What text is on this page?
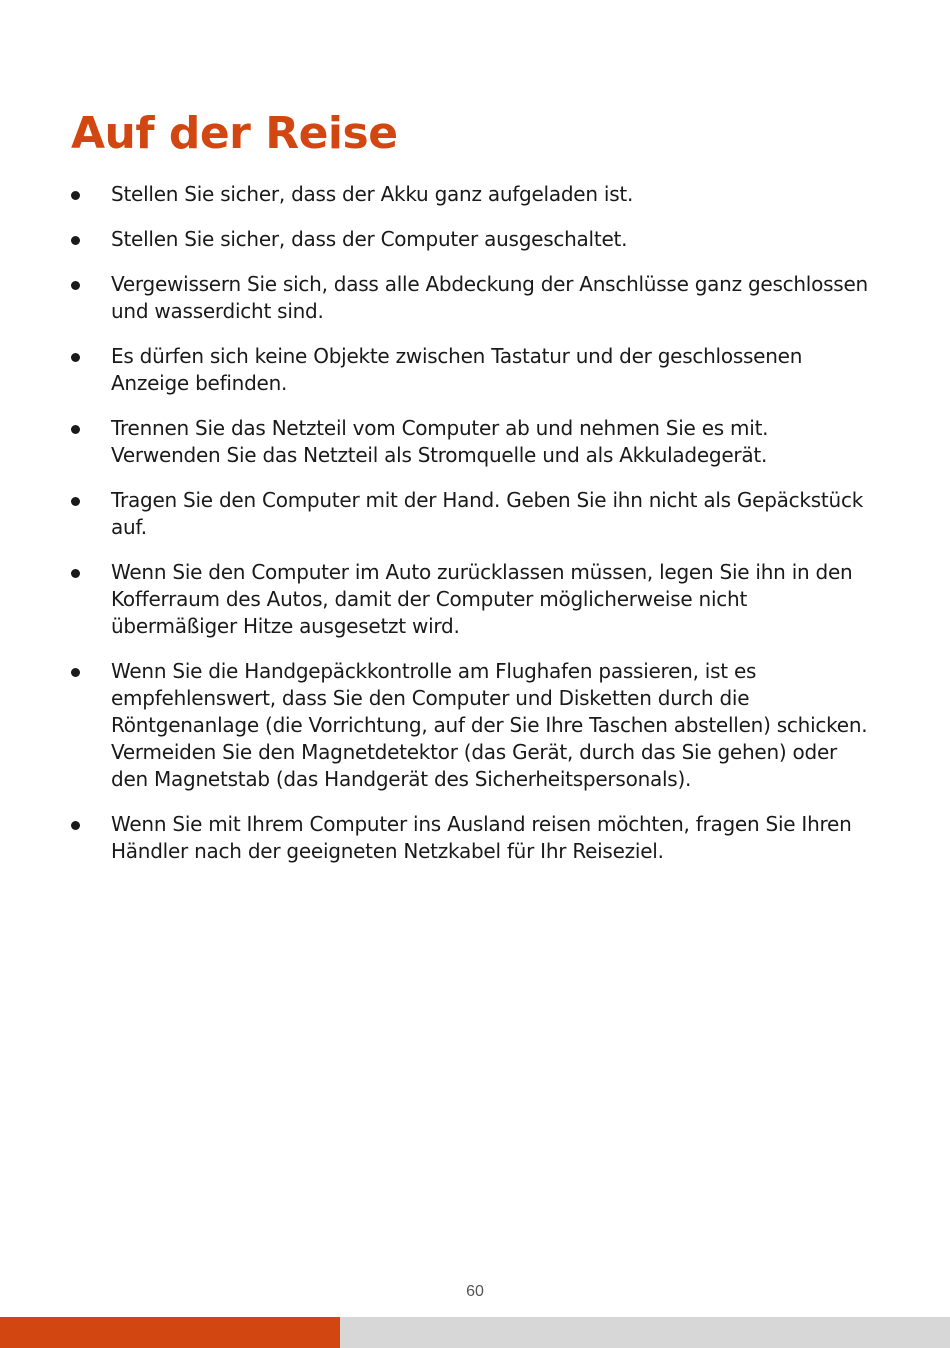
Auf der Reise
Stellen Sie sicher, dass der Akku ganz aufgeladen ist.
Stellen Sie sicher, dass der Computer ausgeschaltet.
Vergewissern Sie sich, dass alle Abdeckung der Anschlüsse ganz geschlossen und wasserdicht sind.
Es dürfen sich keine Objekte zwischen Tastatur und der geschlossenen Anzeige befinden.
Trennen Sie das Netzteil vom Computer ab und nehmen Sie es mit. Verwenden Sie das Netzteil als Stromquelle und als Akkuladegerät.
Tragen Sie den Computer mit der Hand. Geben Sie ihn nicht als Gepäckstück auf.
Wenn Sie den Computer im Auto zurücklassen müssen, legen Sie ihn in den Kofferraum des Autos, damit der Computer möglicherweise nicht übermäßiger Hitze ausgesetzt wird.
Wenn Sie die Handgepäckkontrolle am Flughafen passieren, ist es empfehlenswert, dass Sie den Computer und Disketten durch die Röntgenanlage (die Vorrichtung, auf der Sie Ihre Taschen abstellen) schicken. Vermeiden Sie den Magnetdetektor (das Gerät, durch das Sie gehen) oder den Magnetstab (das Handgerät des Sicherheitspersonals).
Wenn Sie mit Ihrem Computer ins Ausland reisen möchten, fragen Sie Ihren Händler nach der geeigneten Netzkabel für Ihr Reiseziel.
60
